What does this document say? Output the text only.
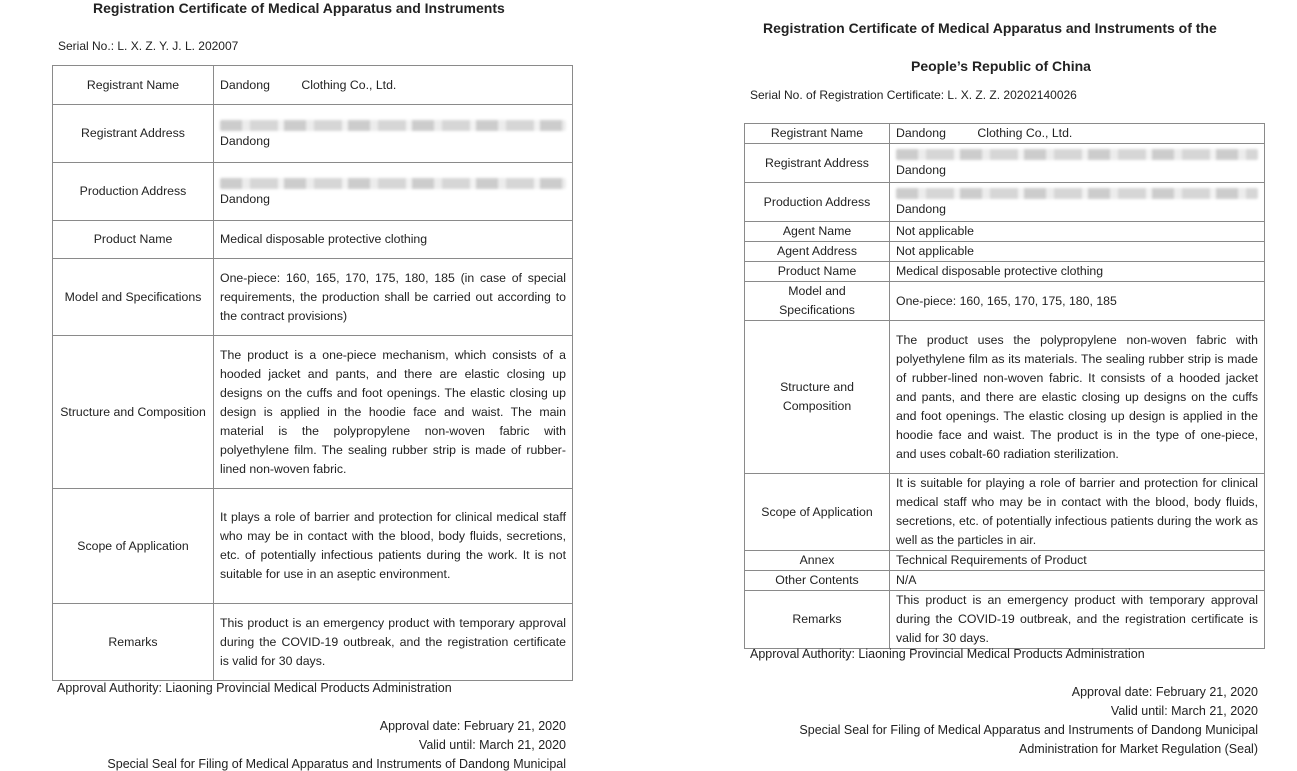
Registration Certificate of Medical Apparatus and Instruments
Serial No.: L. X. Z. Y. J. L. 202007
Registrant Name	Dandong    Clothing Co., Ltd.
Registrant Address	Dandong

Production Address	Dandong

Product Name	Medical disposable protective clothing
Model and Specifications	One-piece: 160, 165, 170, 175, 180, 185 (in case of special requirements, the production shall be carried out according to the contract provisions)
Structure and Composition	The product is a one-piece mechanism, which consists of a hooded jacket and pants, and there are elastic closing up designs on the cuffs and foot openings. The elastic closing up design is applied in the hoodie face and waist. The main material is the polypropylene non-woven fabric with polyethylene film. The sealing rubber strip is made of rubber-lined non-woven fabric.
Scope of Application	It plays a role of barrier and protection for clinical medical staff who may be in contact with the blood, body fluids, secretions, etc. of potentially infectious patients during the work. It is not suitable for use in an aseptic environment.
Remarks	This product is an emergency product with temporary approval during the COVID-19 outbreak, and the registration certificate is valid for 30 days.
Approval Authority: Liaoning Provincial Medical Products Administration
Approval date: February 21, 2020
Valid until: March 21, 2020
Special Seal for Filing of Medical Apparatus and Instruments of Dandong Municipal
Registration Certificate of Medical Apparatus and Instruments of the
People’s Republic of China
Serial No. of Registration Certificate: L. X. Z. Z. 20202140026
Registrant Name	Dandong    Clothing Co., Ltd.
Registrant Address	Dandong

Production Address	Dandong

Agent Name	Not applicable
Agent Address	Not applicable
Product Name	Medical disposable protective clothing
Model and Specifications	One-piece: 160, 165, 170, 175, 180, 185
Structure and Composition	The product uses the polypropylene non-woven fabric with polyethylene film as its materials. The sealing rubber strip is made of rubber-lined non-woven fabric. It consists of a hooded jacket and pants, and there are elastic closing up designs on the cuffs and foot openings. The elastic closing up design is applied in the hoodie face and waist. The product is in the type of one-piece, and uses cobalt-60 radiation sterilization.
Scope of Application	It is suitable for playing a role of barrier and protection for clinical medical staff who may be in contact with the blood, body fluids, secretions, etc. of potentially infectious patients during the work as well as the particles in air.
Annex	Technical Requirements of Product
Other Contents	N/A
Remarks	This product is an emergency product with temporary approval during the COVID-19 outbreak, and the registration certificate is valid for 30 days.
Approval Authority: Liaoning Provincial Medical Products Administration
Approval date: February 21, 2020
Valid until: March 21, 2020
Special Seal for Filing of Medical Apparatus and Instruments of Dandong Municipal
Administration for Market Regulation (Seal)
